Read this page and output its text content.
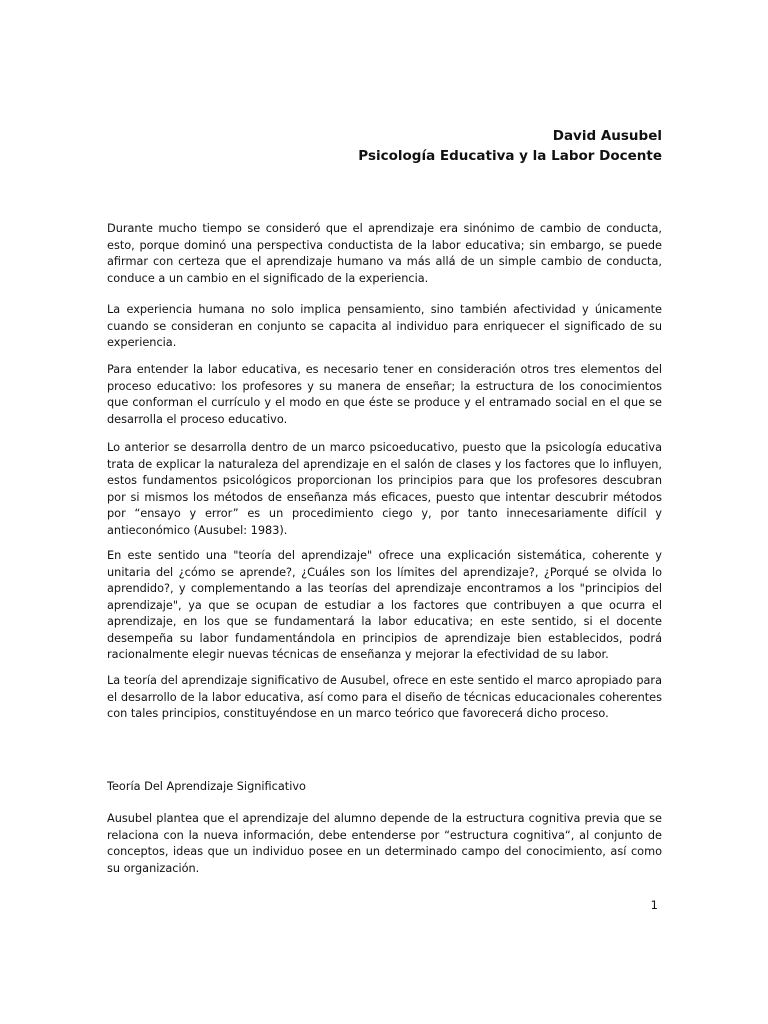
David Ausubel

Psicología Educativa y la Labor Docente

Durante mucho tiempo se consideró que el aprendizaje era sinónimo de cambio de conducta, esto, porque dominó una perspectiva conductista de la labor educativa; sin embargo, se puede afirmar con certeza que el aprendizaje humano va más allá de un simple cambio de conducta, conduce a un cambio en el significado de la experiencia.

La experiencia humana no solo implica pensamiento, sino también afectividad y únicamente cuando se consideran en conjunto se capacita al individuo para enriquecer el significado de su experiencia.

Para entender la labor educativa, es necesario tener en consideración otros tres elementos del proceso educativo: los profesores y su manera de enseñar; la estructura de los conocimientos que conforman el currículo y el modo en que éste se produce y el entramado social en el que se desarrolla el proceso educativo.

Lo anterior se desarrolla dentro de un marco psicoeducativo, puesto que la psicología educativa trata de explicar la naturaleza del aprendizaje en el salón de clases y los factores que lo influyen, estos fundamentos psicológicos proporcionan los principios para que los profesores descubran por si mismos los métodos de enseñanza más eficaces, puesto que intentar descubrir métodos por “ensayo y error” es un procedimiento ciego y, por tanto innecesariamente difícil y antieconómico (Ausubel: 1983).

En este sentido una "teoría del aprendizaje" ofrece una explicación sistemática, coherente y unitaria del ¿cómo se aprende?, ¿Cuáles son los límites del aprendizaje?, ¿Porqué se olvida lo aprendido?, y complementando a las teorías del aprendizaje encontramos a los "principios del aprendizaje", ya que se ocupan de estudiar a los factores que contribuyen a que ocurra el aprendizaje, en los que se fundamentará la labor educativa; en este sentido, si el docente desempeña su labor fundamentándola en principios de aprendizaje bien establecidos, podrá racionalmente elegir nuevas técnicas de enseñanza y mejorar la efectividad de su labor.

La teoría del aprendizaje significativo de Ausubel, ofrece en este sentido el marco apropiado para el desarrollo de la labor educativa, así como para el diseño de técnicas educacionales coherentes con tales principios, constituyéndose en un marco teórico que favorecerá dicho proceso.

Teoría Del Aprendizaje Significativo

Ausubel plantea que el aprendizaje del alumno depende de la estructura cognitiva previa que se relaciona con la nueva información, debe entenderse por “estructura cognitiva“, al conjunto de conceptos, ideas que un individuo posee en un determinado campo del conocimiento, así como su organización.

1
